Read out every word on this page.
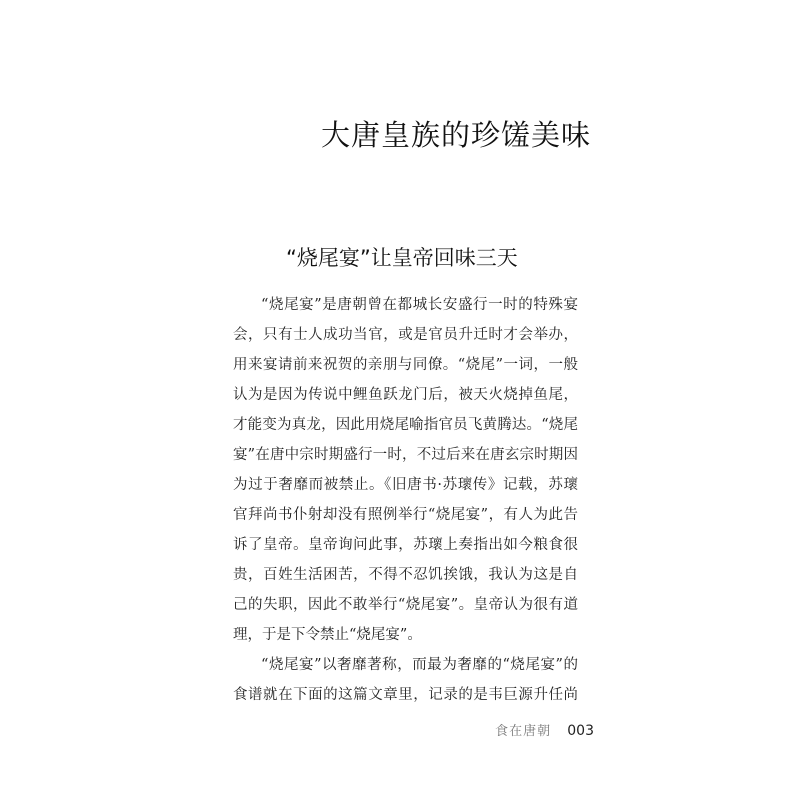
大唐皇族的珍馐美味
“烧尾宴”让皇帝回味三天
“烧尾宴”是唐朝曾在都城长安盛行一时的特殊宴
会，只有士人成功当官，或是官员升迁时才会举办，
用来宴请前来祝贺的亲朋与同僚。“烧尾”一词，一般
认为是因为传说中鲤鱼跃龙门后，被天火烧掉鱼尾，
才能变为真龙，因此用烧尾喻指官员飞黄腾达。“烧尾
宴”在唐中宗时期盛行一时，不过后来在唐玄宗时期因
为过于奢靡而被禁止。《旧唐书·苏瓌传》记载，苏瓌
官拜尚书仆射却没有照例举行“烧尾宴”，有人为此告
诉了皇帝。皇帝询问此事，苏瓌上奏指出如今粮食很
贵，百姓生活困苦，不得不忍饥挨饿，我认为这是自
己的失职，因此不敢举行“烧尾宴”。皇帝认为很有道
理，于是下令禁止“烧尾宴”。
“烧尾宴”以奢靡著称，而最为奢靡的“烧尾宴”的
食谱就在下面的这篇文章里，记录的是韦巨源升任尚
食在唐朝 003
